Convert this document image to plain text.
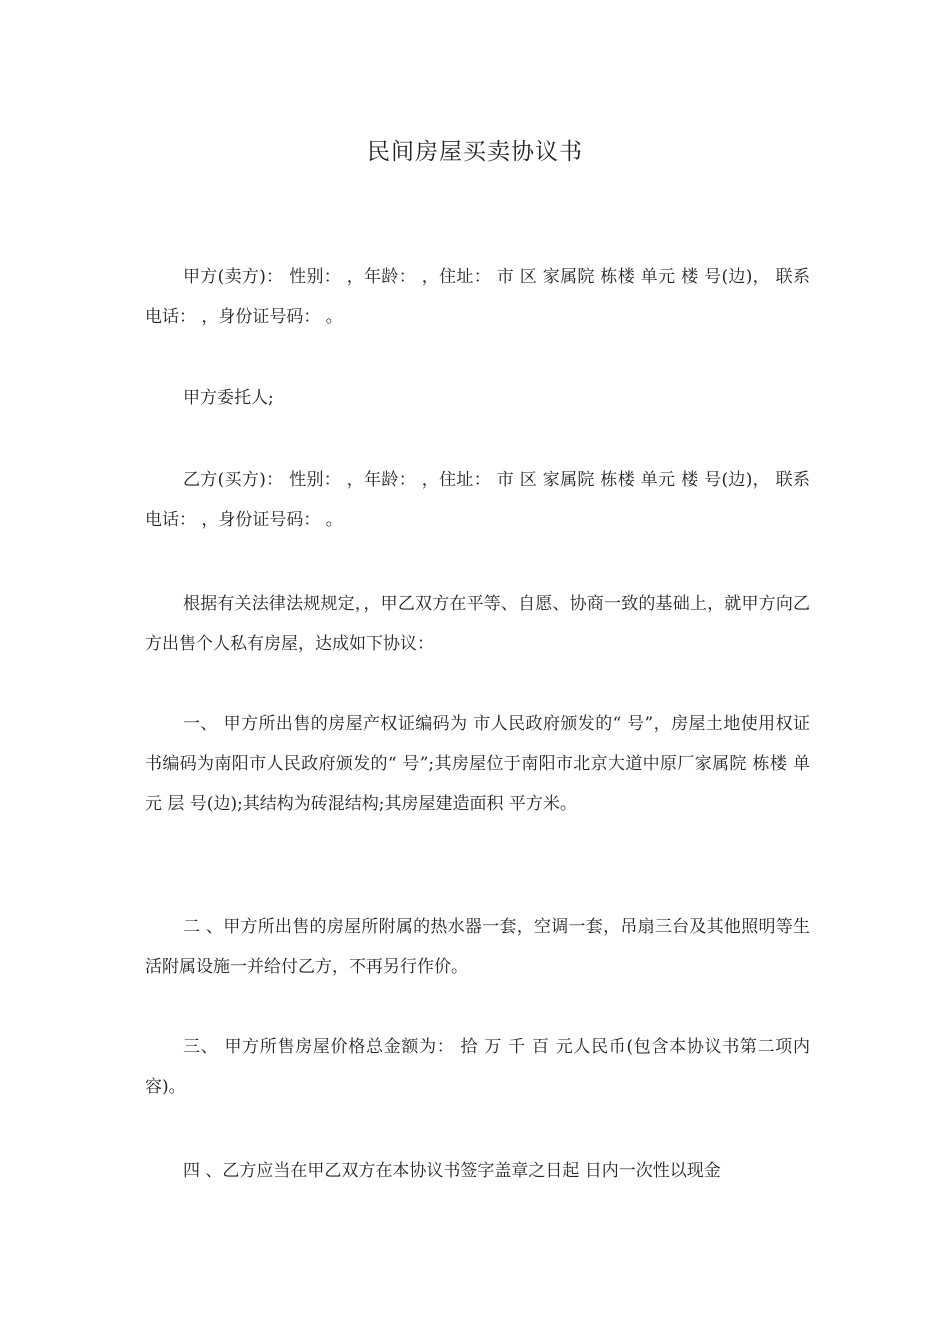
民间房屋买卖协议书

甲方(卖方)： 性别： ，年龄： ，住址： 市 区 家属院 栋楼 单元 楼 号(边)， 联系电话： ，身份证号码： 。

甲方委托人;

乙方(买方)： 性别： ，年龄： ，住址： 市 区 家属院 栋楼 单元 楼 号(边)， 联系电话： ，身份证号码： 。

根据有关法律法规规定，，甲乙双方在平等、自愿、协商一致的基础上，就甲方向乙方出售个人私有房屋，达成如下协议：

一、 甲方所出售的房屋产权证编码为 市人民政府颁发的“ 号”，房屋土地使用权证书编码为南阳市人民政府颁发的“ 号”;其房屋位于南阳市北京大道中原厂家属院 栋楼 单元 层 号(边);其结构为砖混结构;其房屋建造面积 平方米。

二 、甲方所出售的房屋所附属的热水器一套，空调一套，吊扇三台及其他照明等生活附属设施一并给付乙方，不再另行作价。

三、 甲方所售房屋价格总金额为： 拾 万 千 百 元人民币(包含本协议书第二项内容)。

四 、乙方应当在甲乙双方在本协议书签字盖章之日起 日内一次性以现金
